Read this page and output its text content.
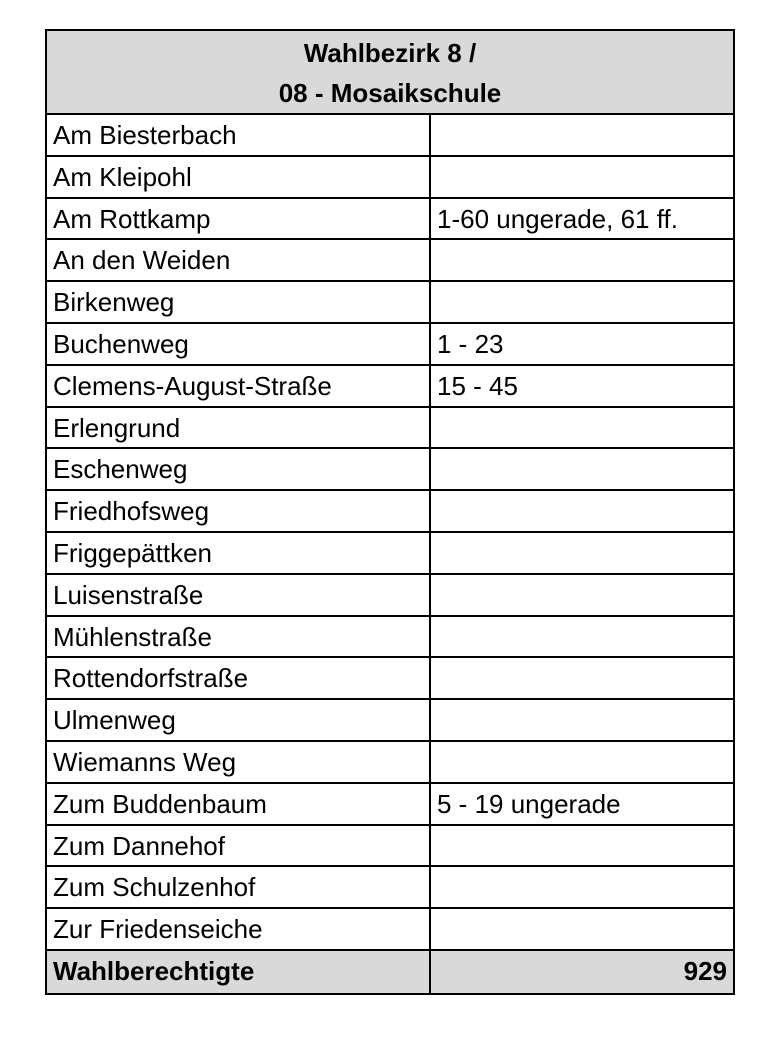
Wahlbezirk 8 /
08 - Mosaikschule
Am Biesterbach
Am Kleipohl
Am Rottkamp	1-60 ungerade, 61 ff.
An den Weiden
Birkenweg
Buchenweg	1 - 23
Clemens-August-Straße	15 - 45
Erlengrund
Eschenweg
Friedhofsweg
Friggepättken
Luisenstraße
Mühlenstraße
Rottendorfstraße
Ulmenweg
Wiemanns Weg
Zum Buddenbaum	5 - 19 ungerade
Zum Dannehof
Zum Schulzenhof
Zur Friedenseiche
Wahlberechtigte	929
